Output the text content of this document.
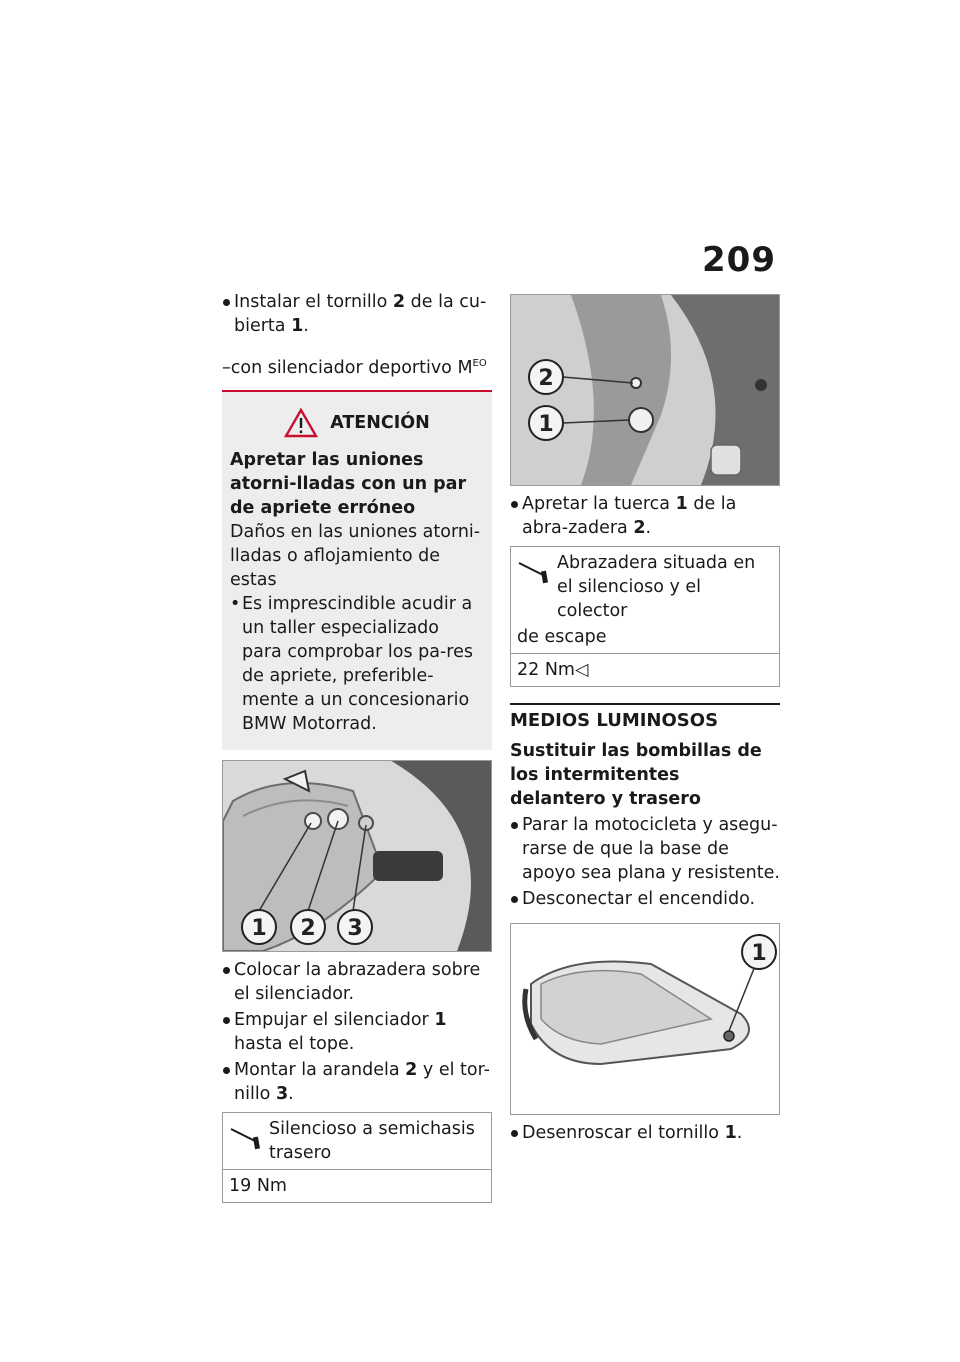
209

Instalar el tornillo 2 de la cu-bierta 1.

–con silenciador deportivo $M^{EO}$

ATENCIÓN

Apretar las uniones atorni-lladas con un par de apriete erróneo

Daños en las uniones atorni-lladas o aflojamiento de estas

• Es imprescindible acudir a un taller especializado para comprobar los pa-res de apriete, preferible-mente a un concesionario BMW Motorrad.

1 2 3

Colocar la abrazadera sobre el silenciador.

Empujar el silenciador 1 hasta el tope.

Montar la arandela 2 y el tor-nillo 3.

Silencioso a semichasis trasero
19 Nm
2
1

Apretar la tuerca 1 de la abra-zadera 2.

Abrazadera situada en el silencioso y el colector
de escape
22 Nm◁

MEDIOS LUMINOSOS

Sustituir las bombillas de los intermitentes delantero y trasero

Parar la motocicleta y asegu-rarse de que la base de apoyo sea plana y resistente.

Desconectar el encendido.

1

Desenroscar el tornillo 1.
